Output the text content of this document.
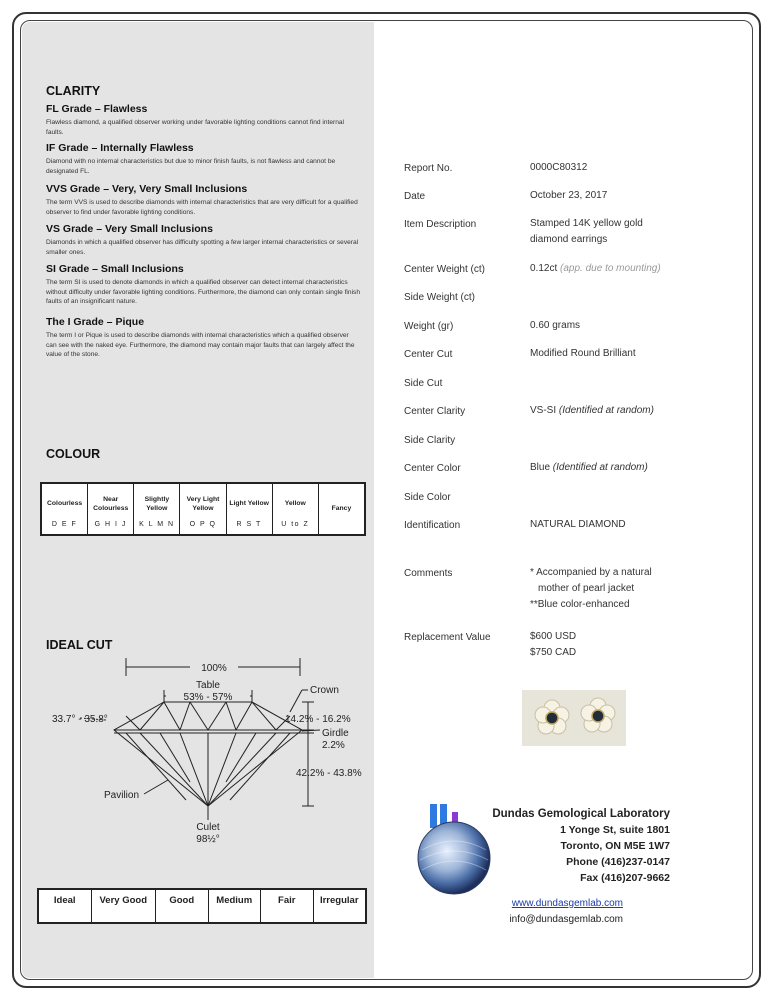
CLARITY
FL Grade – Flawless
Flawless diamond, a qualified observer working under favorable lighting conditions cannot find internal faults.
IF Grade – Internally Flawless
Diamond with no internal characteristics but due to minor finish faults, is not flawless and cannot be designated FL.
VVS Grade – Very, Very Small Inclusions
The term VVS is used to describe diamonds with internal characteristics that are very difficult for a qualified observer to find under favorable lighting conditions.
VS Grade – Very Small Inclusions
Diamonds in which a qualified observer has difficulty spotting a few larger internal characteristics or several smaller ones.
SI Grade – Small Inclusions
The term SI is used to denote diamonds in which a qualified observer can detect internal characteristics without difficulty under favorable lighting conditions. Furthermore, the diamond can only contain single finish faults of an insignificant nature.
The I Grade – Pique
The term I or Pique is used to describe diamonds with internal characteristics which a qualified observer can see with the naked eye. Furthermore, the diamond may contain major faults that can largely affect the value of the stone.
COLOUR
Colourless
D E F
Near Colourless
G H I J
Slightly Yellow
K L M N
Very Light Yellow
O P Q
Light Yellow
R S T
Yellow
U to Z
Fancy
IDEAL CUT
100%
Table
53% - 57%
Crown
33.7° - 35.8°	14.2% - 16.2%
Girdle
2.2%
42.2% - 43.8%
Pavilion
Culet
98½°
Ideal	Very Good	Good	Medium	Fair	Irregular
Report No.	0000C80312
Date	October 23, 2017
Item Description	Stamped 14K yellow gold diamond earrings
Center Weight (ct)	0.12ct (app. due to mounting)
Side Weight (ct)
Weight (gr)	0.60 grams
Center Cut	Modified Round Brilliant
Side Cut
Center Clarity	VS-SI (Identified at random)
Side Clarity
Center Color	Blue (Identified at random)
Side Color
Identification	NATURAL DIAMOND
Comments	* Accompanied by a natural
mother of pearl jacket
**Blue color-enhanced
Replacement Value	$600 USD
$750 CAD
Dundas Gemological Laboratory
1 Yonge St, suite 1801
Toronto, ON M5E 1W7
Phone (416)237-0147
Fax (416)207-9662
www.dundasgemlab.com
info@dundasgemlab.com
